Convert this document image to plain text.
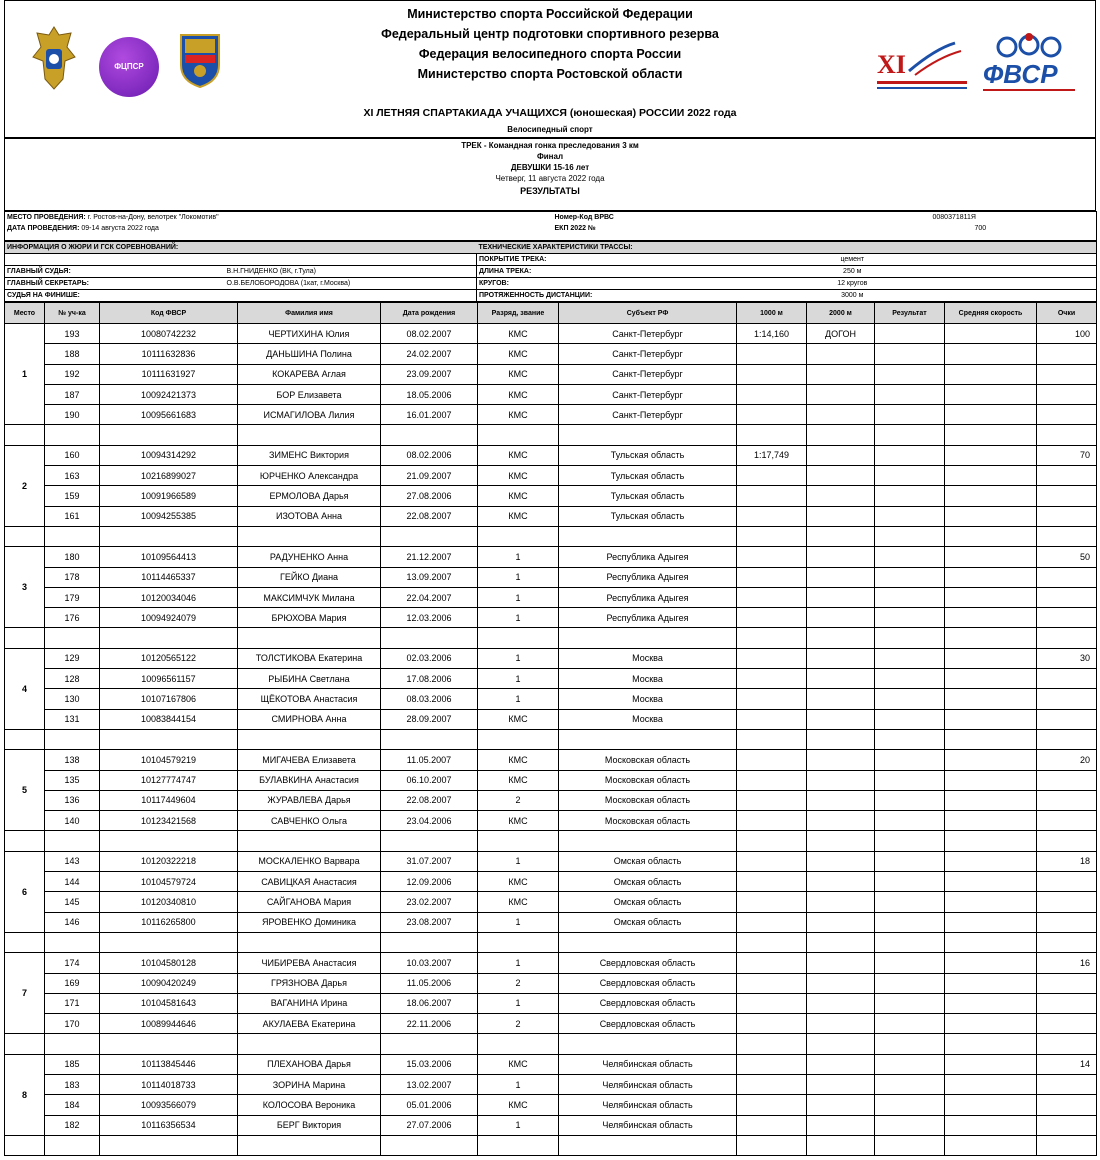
ФЦПСР
Министерство спорта Российской Федерации
Федеральный центр подготовки спортивного резерва
Федерация велосипедного спорта России
Министерство спорта Ростовской области	XI	ФВСР
XI ЛЕТНЯЯ СПАРТАКИАДА УЧАЩИХСЯ (юношеская) РОССИИ 2022 года
Велосипедный спорт
ТРЕК - Командная гонка преследования 3 км
Финал
ДЕВУШКИ 15-16 лет
Четверг, 11 августа 2022 года
РЕЗУЛЬТАТЫ
МЕСТО ПРОВЕДЕНИЯ: г. Ростов-на-Дону, велотрек "Локомотив"	Номер-Код ВРВС	0080371811Я
ДАТА ПРОВЕДЕНИЯ: 09-14 августа 2022 года	ЕКП 2022 №	700

ИНФОРМАЦИЯ О ЖЮРИ И ГСК СОРЕВНОВАНИЙ:		ТЕХНИЧЕСКИЕ ХАРАКТЕРИСТИКИ ТРАССЫ:	
		ПОКРЫТИЕ ТРЕКА:	цемент
ГЛАВНЫЙ СУДЬЯ:	В.Н.ГНИДЕНКО (ВК, г.Тула)	ДЛИНА ТРЕКА:	250 м
ГЛАВНЫЙ СЕКРЕТАРЬ:	О.В.БЕЛОБОРОДОВА (1кат, г.Москва)	КРУГОВ:	12 кругов
СУДЬЯ НА ФИНИШЕ:		ПРОТЯЖЕННОСТЬ ДИСТАНЦИИ:	3000 м
Место	№ уч-ка	Код ФВСР	Фамилия имя	Дата рождения	Разряд, звание	Субъект РФ	1000 м	2000 м	Результат	Средняя скорость	Очки
1	193	10080742232	ЧЕРТИХИНА Юлия	08.02.2007	КМС	Санкт-Петербург	1:14,160	ДОГОН			100
	188	10111632836	ДАНЬШИНА Полина	24.02.2007	КМС	Санкт-Петербург					
	192	10111631927	КОКАРЕВА Аглая	23.09.2007	КМС	Санкт-Петербург					
	187	10092421373	БОР Елизавета	18.05.2006	КМС	Санкт-Петербург					
	190	10095661683	ИСМАГИЛОВА Лилия	16.01.2007	КМС	Санкт-Петербург					

2	160	10094314292	ЗИМЕНС Виктория	08.02.2006	КМС	Тульская область	1:17,749				70
	163	10216899027	ЮРЧЕНКО Александра	21.09.2007	КМС	Тульская область					
	159	10091966589	ЕРМОЛОВА Дарья	27.08.2006	КМС	Тульская область					
	161	10094255385	ИЗОТОВА Анна	22.08.2007	КМС	Тульская область					

3	180	10109564413	РАДУНЕНКО Анна	21.12.2007	1	Республика Адыгея					50
	178	10114465337	ГЕЙКО Диана	13.09.2007	1	Республика Адыгея					
	179	10120034046	МАКСИМЧУК Милана	22.04.2007	1	Республика Адыгея					
	176	10094924079	БРЮХОВА Мария	12.03.2006	1	Республика Адыгея					

4	129	10120565122	ТОЛСТИКОВА Екатерина	02.03.2006	1	Москва					30
	128	10096561157	РЫБИНА Светлана	17.08.2006	1	Москва					
	130	10107167806	ЩЁКОТОВА Анастасия	08.03.2006	1	Москва					
	131	10083844154	СМИРНОВА Анна	28.09.2007	КМС	Москва					

5	138	10104579219	МИГАЧЕВА Елизавета	11.05.2007	КМС	Московская область					20
	135	10127774747	БУЛАВКИНА Анастасия	06.10.2007	КМС	Московская область					
	136	10117449604	ЖУРАВЛЕВА Дарья	22.08.2007	2	Московская область					
	140	10123421568	САВЧЕНКО Ольга	23.04.2006	КМС	Московская область					

6	143	10120322218	МОСКАЛЕНКО Варвара	31.07.2007	1	Омская область					18
	144	10104579724	САВИЦКАЯ Анастасия	12.09.2006	КМС	Омская область					
	145	10120340810	САЙГАНОВА Мария	23.02.2007	КМС	Омская область					
	146	10116265800	ЯРОВЕНКО Доминика	23.08.2007	1	Омская область					

7	174	10104580128	ЧИБИРЕВА Анастасия	10.03.2007	1	Свердловская область					16
	169	10090420249	ГРЯЗНОВА Дарья	11.05.2006	2	Свердловская область					
	171	10104581643	ВАГАНИНА Ирина	18.06.2007	1	Свердловская область					
	170	10089944646	АКУЛАЕВА Екатерина	22.11.2006	2	Свердловская область					

8	185	10113845446	ПЛЕХАНОВА Дарья	15.03.2006	КМС	Челябинская область					14
	183	10114018733	ЗОРИНА Марина	13.02.2007	1	Челябинская область					
	184	10093566079	КОЛОСОВА Вероника	05.01.2006	КМС	Челябинская область					
	182	10116356534	БЕРГ Виктория	27.07.2006	1	Челябинская область					
